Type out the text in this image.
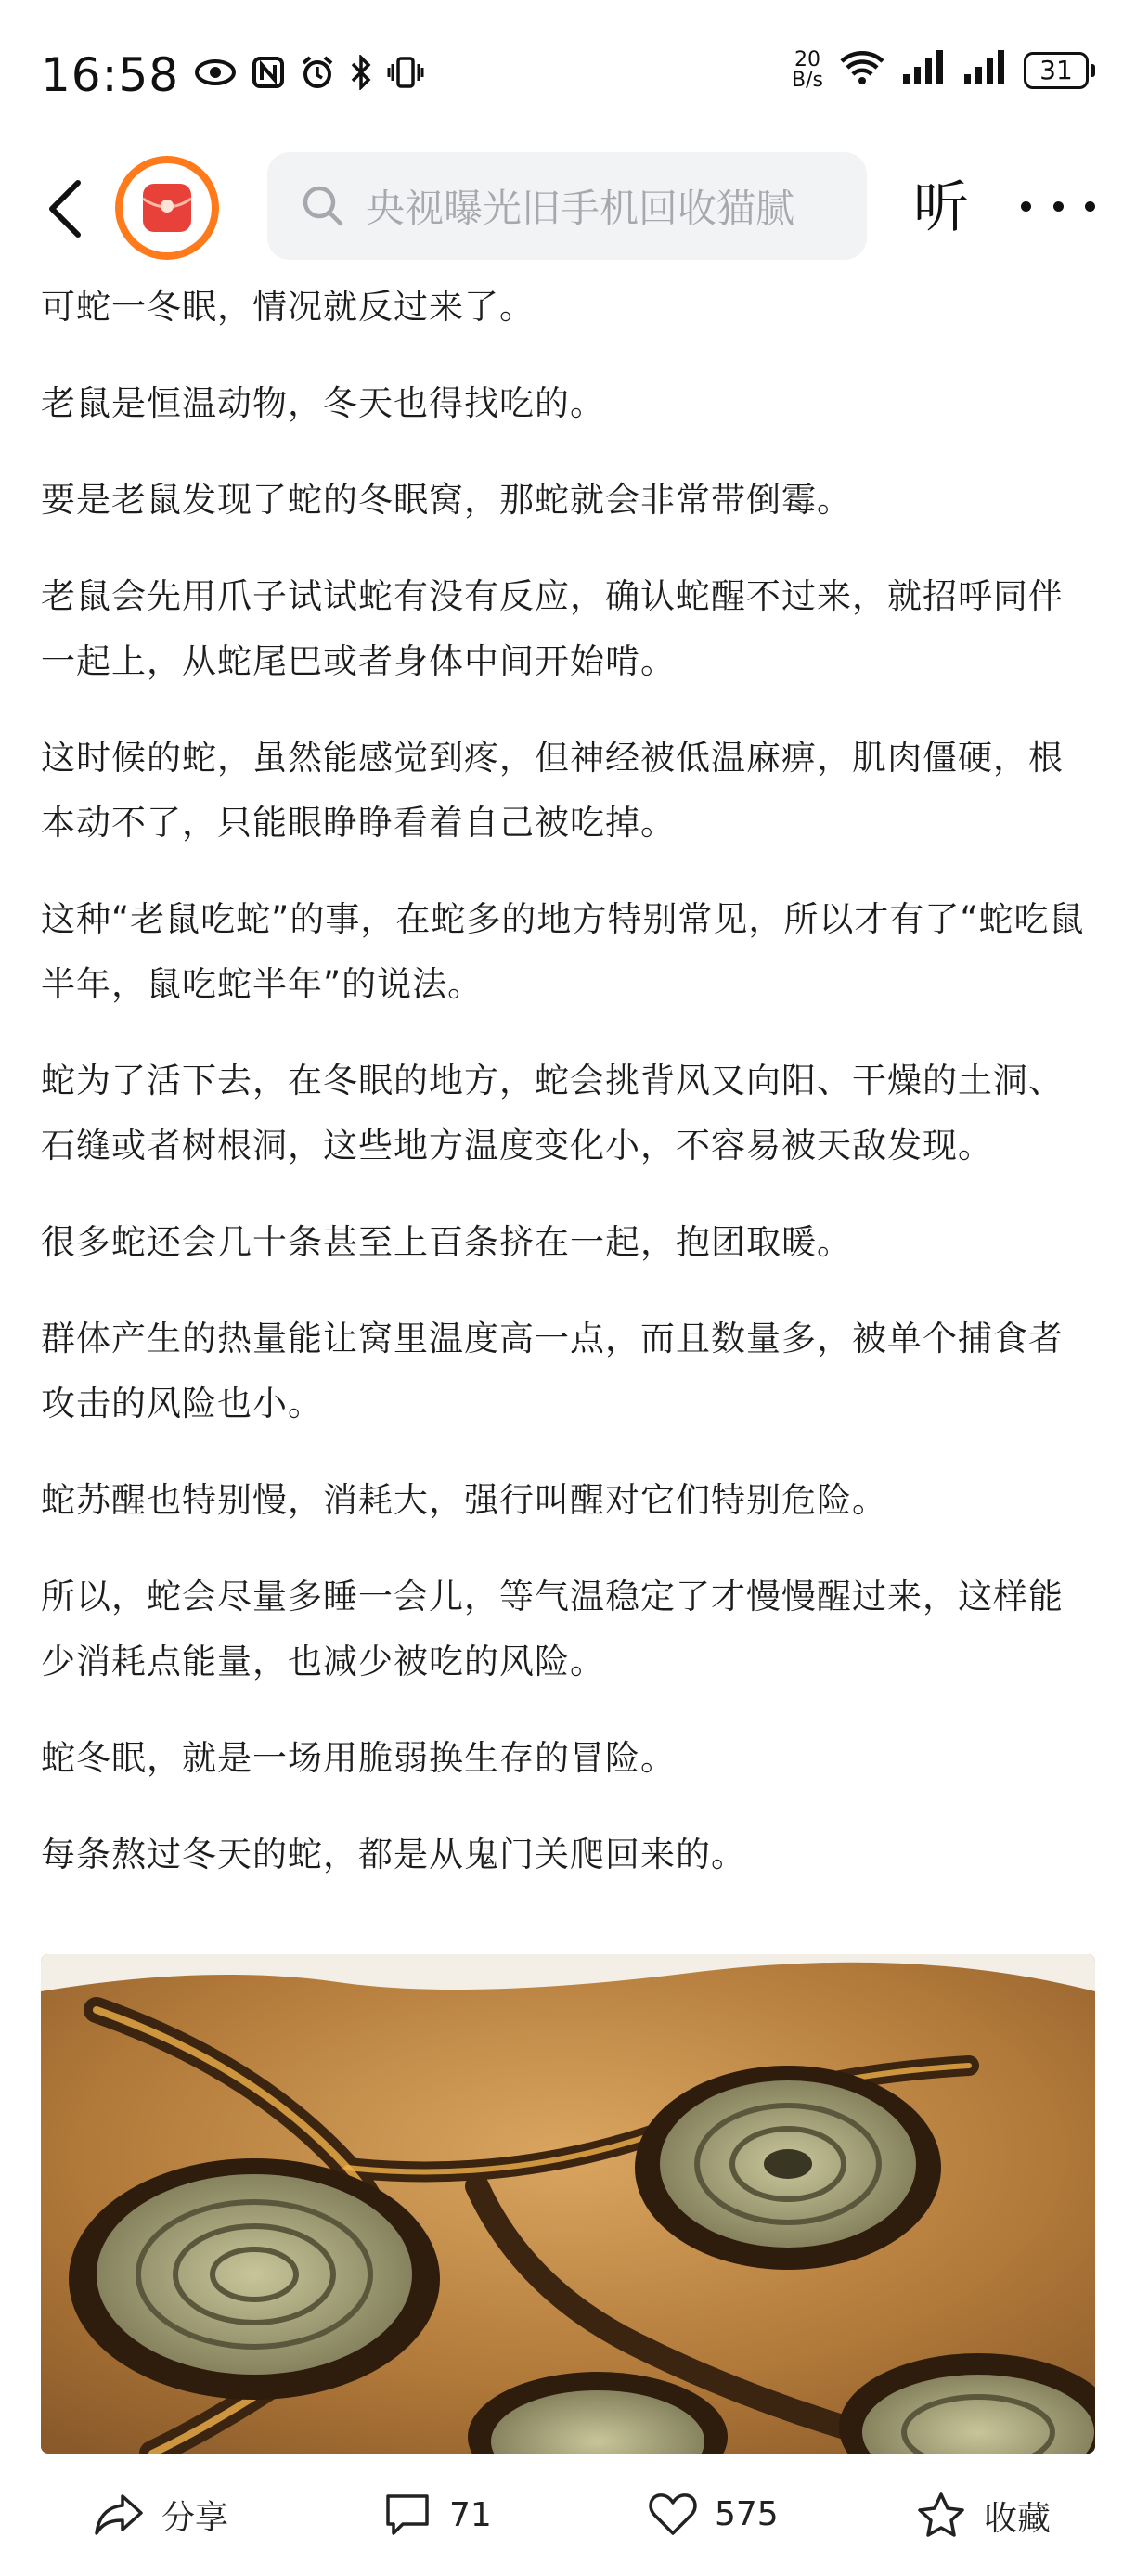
16:58	20
B/s	31
央视曝光旧手机回收猫腻 听

可蛇一冬眠，情况就反过来了。

老鼠是恒温动物，冬天也得找吃的。

要是老鼠发现了蛇的冬眠窝，那蛇就会非常带倒霉。

老鼠会先用爪子试试蛇有没有反应，确认蛇醒不过来，就招呼同伴一起上，从蛇尾巴或者身体中间开始啃。

这时候的蛇，虽然能感觉到疼，但神经被低温麻痹，肌肉僵硬，根本动不了，只能眼睁睁看着自己被吃掉。

这种“老鼠吃蛇”的事，在蛇多的地方特别常见，所以才有了“蛇吃鼠半年，鼠吃蛇半年”的说法。

蛇为了活下去，在冬眠的地方，蛇会挑背风又向阳、干燥的土洞、石缝或者树根洞，这些地方温度变化小，不容易被天敌发现。

很多蛇还会几十条甚至上百条挤在一起，抱团取暖。

群体产生的热量能让窝里温度高一点，而且数量多，被单个捕食者攻击的风险也小。

蛇苏醒也特别慢，消耗大，强行叫醒对它们特别危险。

所以，蛇会尽量多睡一会儿，等气温稳定了才慢慢醒过来，这样能少消耗点能量，也减少被吃的风险。

蛇冬眠，就是一场用脆弱换生存的冒险。

每条熬过冬天的蛇，都是从鬼门关爬回来的。

分享	71	575	收藏
